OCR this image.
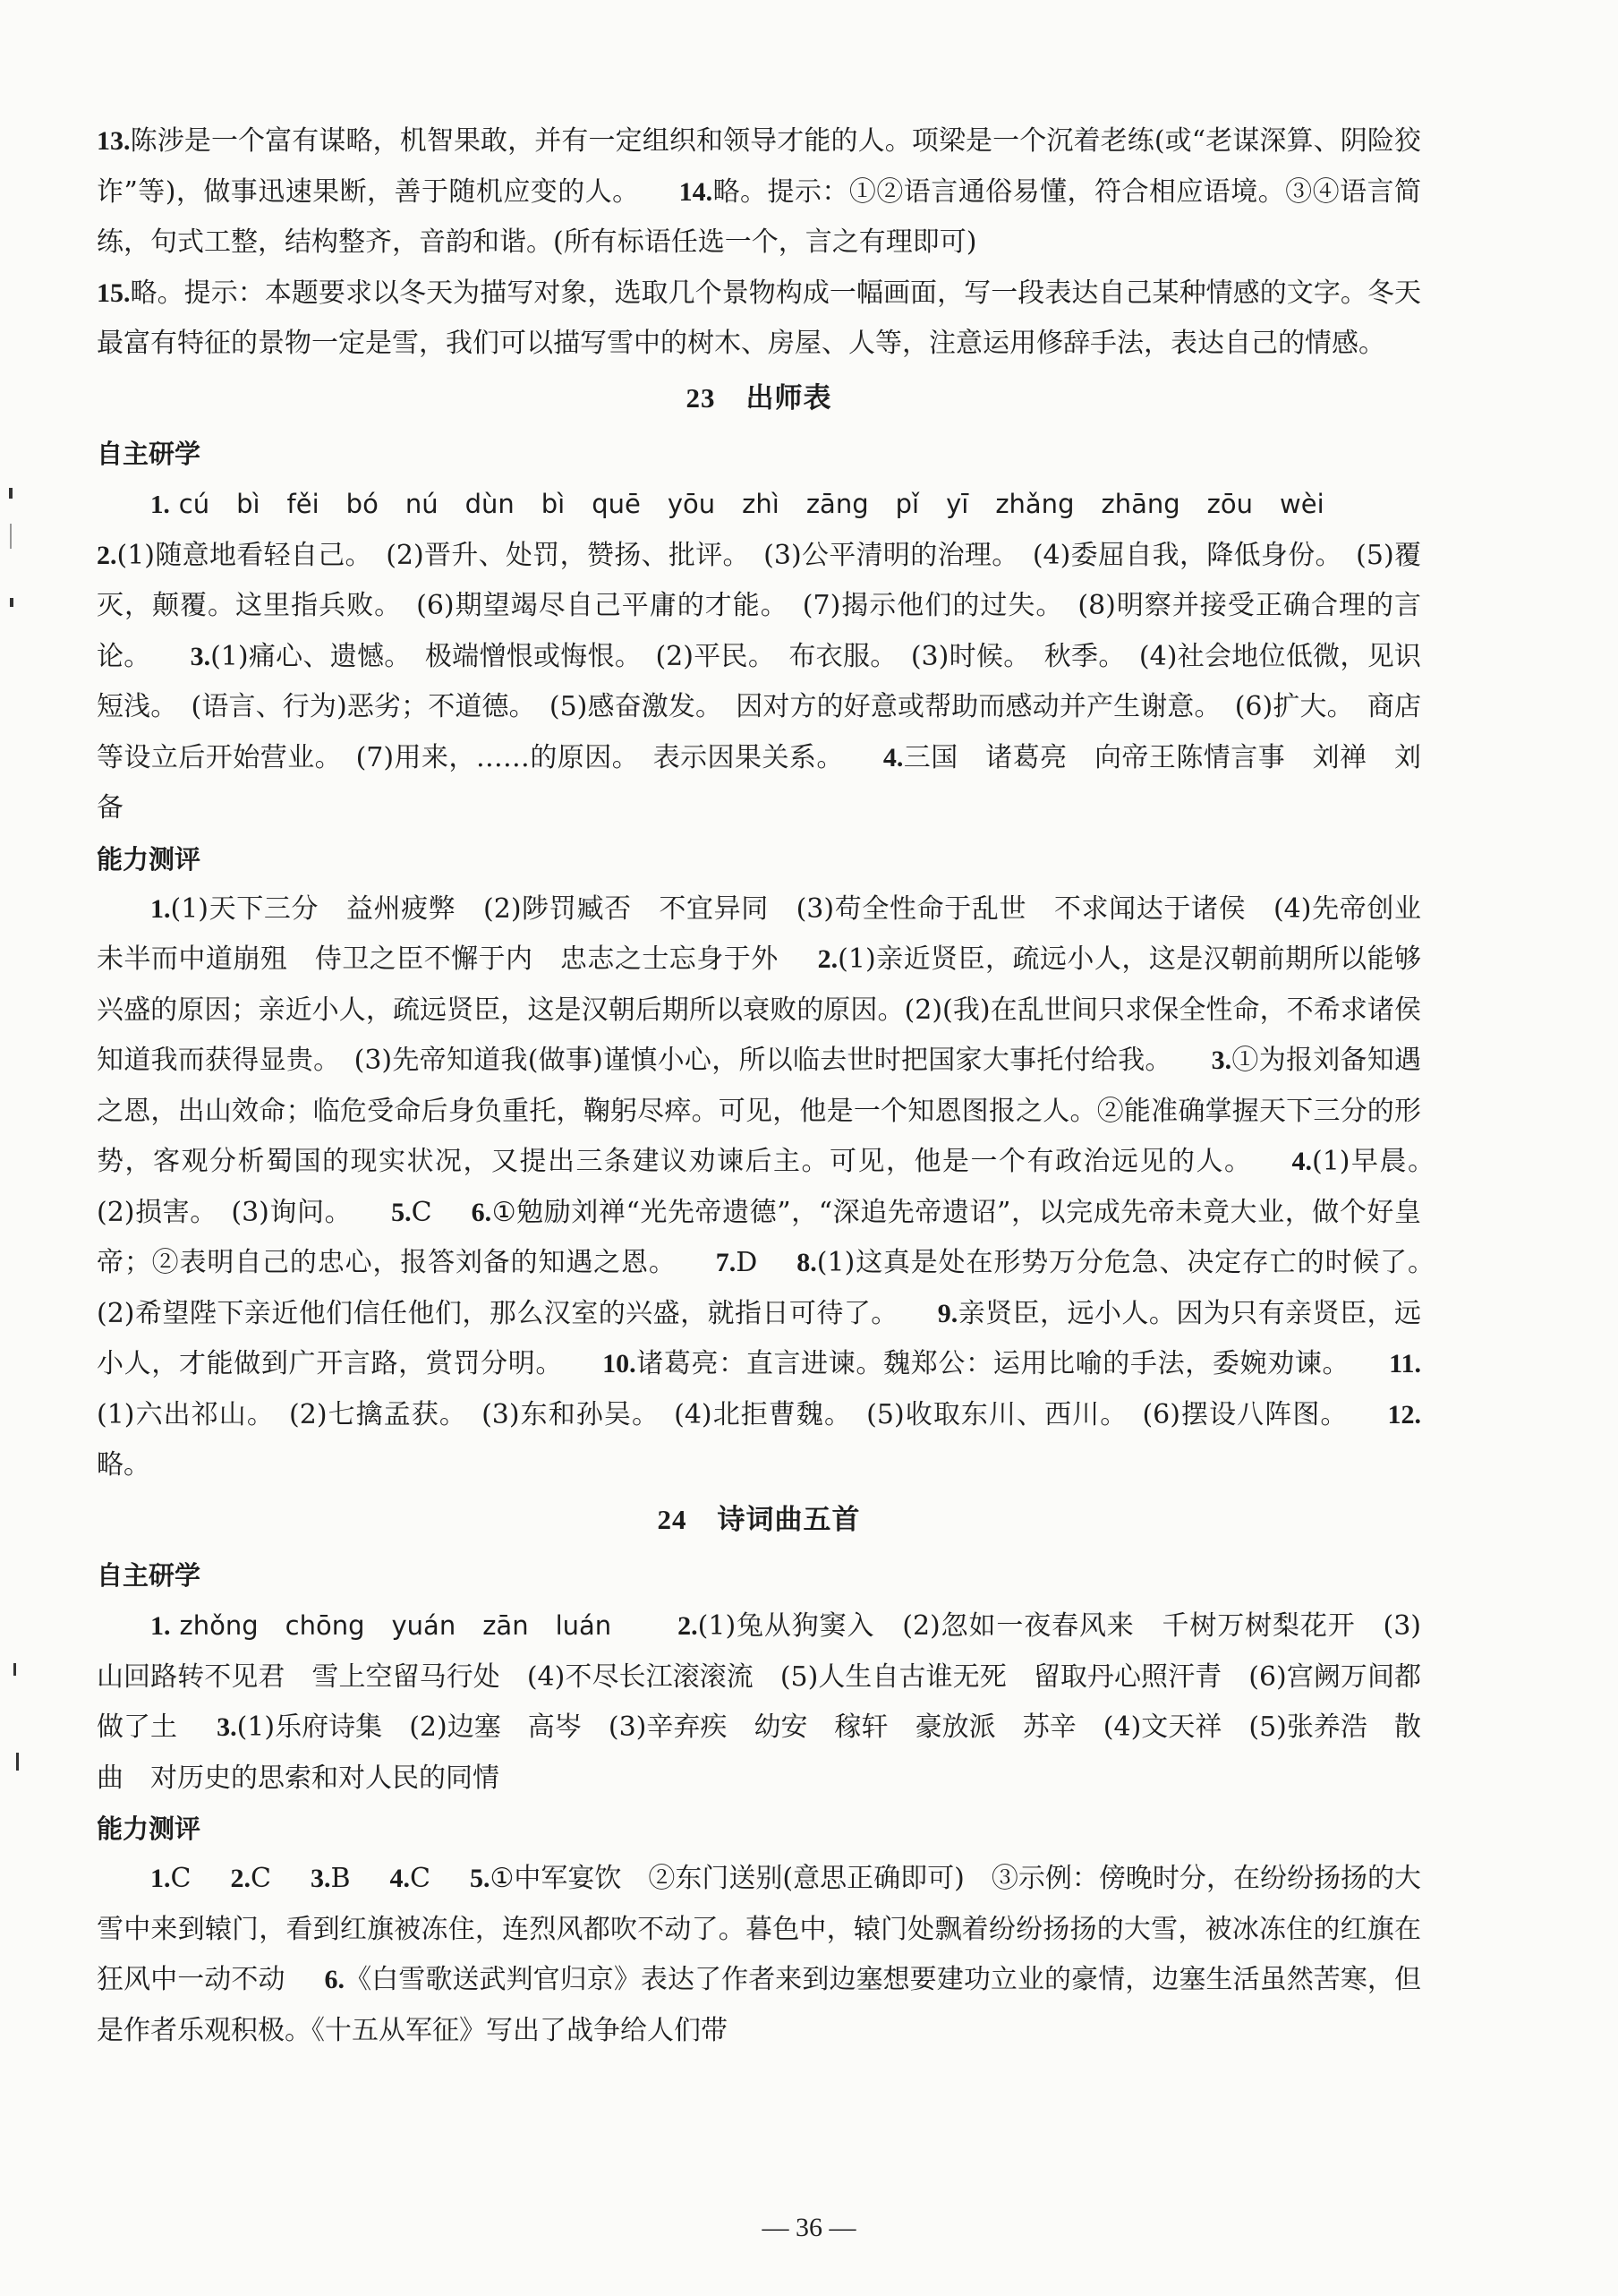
13.陈涉是一个富有谋略，机智果敢，并有一定组织和领导才能的人。项梁是一个沉着老练(或“老谋深算、阴险狡诈”等)，做事迅速果断，善于随机应变的人。 14.略。提示：①②语言通俗易懂，符合相应语境。③④语言简练，句式工整，结构整齐，音韵和谐。(所有标语任选一个，言之有理即可)

15.略。提示：本题要求以冬天为描写对象，选取几个景物构成一幅画面，写一段表达自己某种情感的文字。冬天最富有特征的景物一定是雪，我们可以描写雪中的树木、房屋、人等，注意运用修辞手法，表达自己的情感。

23 出师表

自主研学

1. cú bì fěi bó nú dùn bì quē yōu zhì zāng pǐ yī zhǎng zhāng zōu wèi

2.(1)随意地看轻自己。　(2)晋升、处罚，赞扬、批评。　(3)公平清明的治理。　(4)委屈自我，降低身份。　(5)覆灭，颠覆。这里指兵败。　(6)期望竭尽自己平庸的才能。　(7)揭示他们的过失。　(8)明察并接受正确合理的言论。 3.(1)痛心、遗憾。　极端憎恨或悔恨。　(2)平民。　布衣服。　(3)时候。　秋季。　(4)社会地位低微，见识短浅。　(语言、行为)恶劣；不道德。　(5)感奋激发。　因对方的好意或帮助而感动并产生谢意。　(6)扩大。　商店等设立后开始营业。　(7)用来，……的原因。　表示因果关系。 4.三国　诸葛亮　向帝王陈情言事　刘禅　刘备

能力测评

1.(1)天下三分　益州疲弊　(2)陟罚臧否　不宜异同　(3)苟全性命于乱世　不求闻达于诸侯　(4)先帝创业未半而中道崩殂　侍卫之臣不懈于内　忠志之士忘身于外 2.(1)亲近贤臣，疏远小人，这是汉朝前期所以能够兴盛的原因；亲近小人，疏远贤臣，这是汉朝后期所以衰败的原因。(2)(我)在乱世间只求保全性命，不希求诸侯知道我而获得显贵。　(3)先帝知道我(做事)谨慎小心，所以临去世时把国家大事托付给我。 3.①为报刘备知遇之恩，出山效命；临危受命后身负重托，鞠躬尽瘁。可见，他是一个知恩图报之人。②能准确掌握天下三分的形势，客观分析蜀国的现实状况，又提出三条建议劝谏后主。可见，他是一个有政治远见的人。 4.(1)早晨。　(2)损害。　(3)询问。 5.C 6.①勉励刘禅“光先帝遗德”，“深追先帝遗诏”，以完成先帝未竟大业，做个好皇帝；②表明自己的忠心，报答刘备的知遇之恩。 7.D 8.(1)这真是处在形势万分危急、决定存亡的时候了。　(2)希望陛下亲近他们信任他们，那么汉室的兴盛，就指日可待了。 9.亲贤臣，远小人。因为只有亲贤臣，远小人，才能做到广开言路，赏罚分明。 10.诸葛亮：直言进谏。魏郑公：运用比喻的手法，委婉劝谏。 11.(1)六出祁山。　(2)七擒孟获。　(3)东和孙吴。　(4)北拒曹魏。　(5)收取东川、西川。　(6)摆设八阵图。 12.略。

24 诗词曲五首

自主研学

1. zhǒng chōng yuán zān luán 2.(1)兔从狗窦入　(2)忽如一夜春风来　千树万树梨花开　(3)山回路转不见君　雪上空留马行处　(4)不尽长江滚滚流　(5)人生自古谁无死　留取丹心照汗青　(6)宫阙万间都做了土 3.(1)乐府诗集　(2)边塞　高岑　(3)辛弃疾　幼安　稼轩　豪放派　苏辛　(4)文天祥　(5)张养浩　散曲　对历史的思索和对人民的同情

能力测评

1.C 2.C 3.B 4.C 5.①中军宴饮　②东门送别(意思正确即可)　③示例：傍晚时分，在纷纷扬扬的大雪中来到辕门，看到红旗被冻住，连烈风都吹不动了。暮色中，辕门处飘着纷纷扬扬的大雪，被冰冻住的红旗在狂风中一动不动 6.《白雪歌送武判官归京》表达了作者来到边塞想要建功立业的豪情，边塞生活虽然苦寒，但是作者乐观积极。《十五从军征》写出了战争给人们带

— 36 —
